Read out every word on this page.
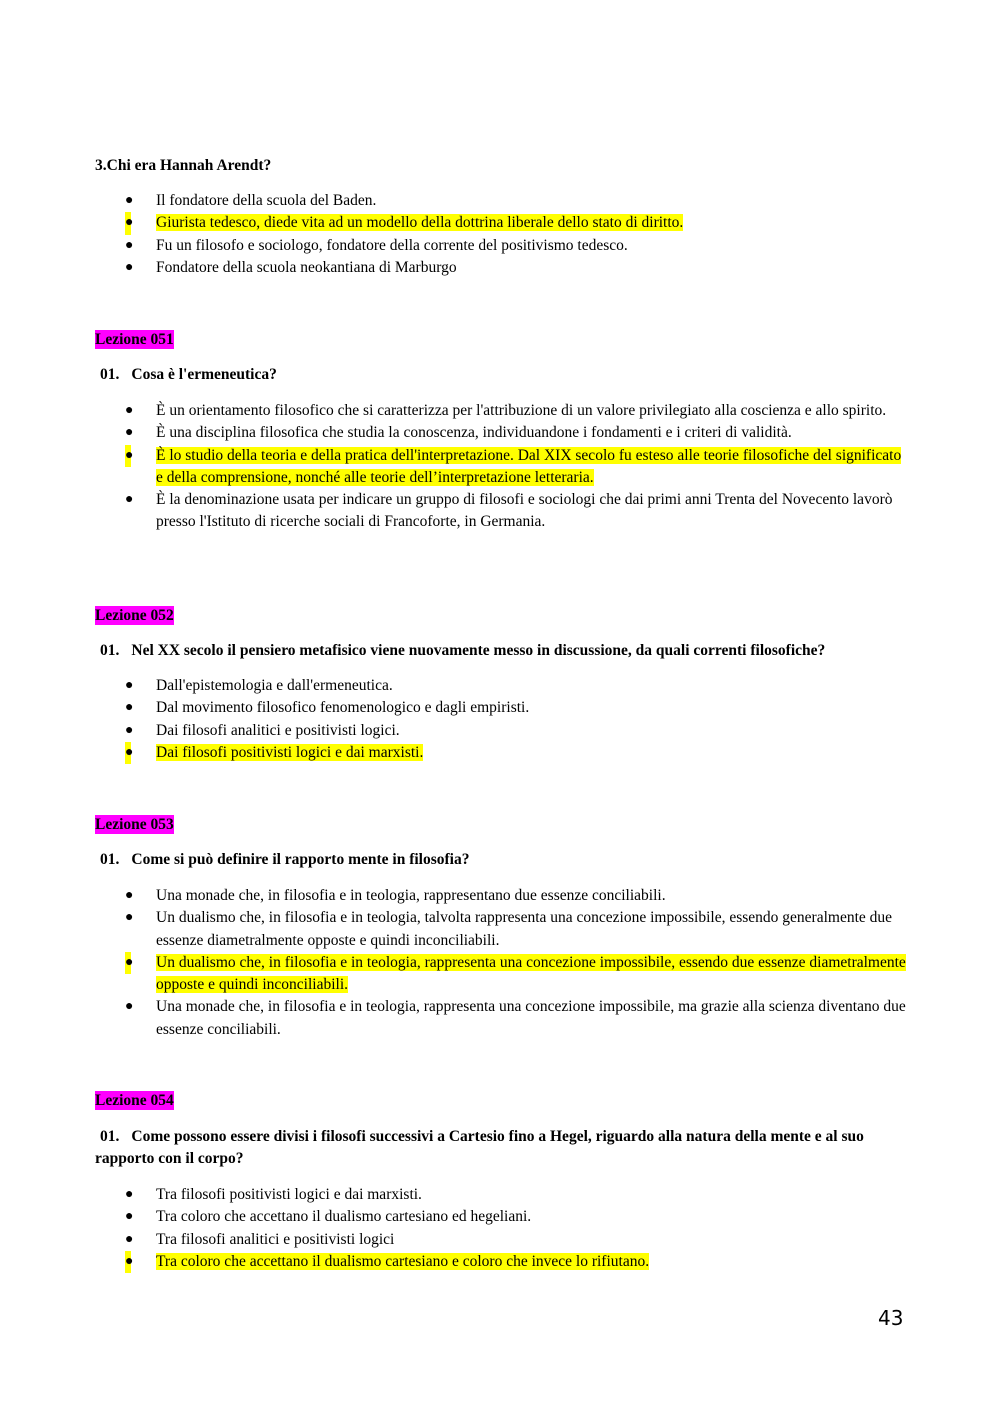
3.Chi era Hannah Arendt?

●	Il fondatore della scuola del Baden.
● Giurista tedesco, diede vita ad un modello della dottrina liberale dello stato di diritto.
●	Fu un filosofo e sociologo, fondatore della corrente del positivismo tedesco.
●	Fondatore della scuola neokantiana di Marburgo
Lezione 051

01. Cosa è l'ermeneutica?

●	È un orientamento filosofico che si caratterizza per l'attribuzione di un valore privilegiato alla coscienza e allo spirito.
●	È una disciplina filosofica che studia la conoscenza, individuandone i fondamenti e i criteri di validità.
● È lo studio della teoria e della pratica dell'interpretazione. Dal XIX secolo fu esteso alle teorie filosofiche del significato e della comprensione, nonché alle teorie dell’interpretazione letteraria.
●	È la denominazione usata per indicare un gruppo di filosofi e sociologi che dai primi anni Trenta del Novecento lavorò presso l'Istituto di ricerche sociali di Francoforte, in Germania.
Lezione 052

01. Nel XX secolo il pensiero metafisico viene nuovamente messo in discussione, da quali correnti filosofiche?

●	Dall'epistemologia e dall'ermeneutica.
●	Dal movimento filosofico fenomenologico e dagli empiristi.
●	Dai filosofi analitici e positivisti logici.
● Dai filosofi positivisti logici e dai marxisti.
Lezione 053

01. Come si può definire il rapporto mente in filosofia?

●	Una monade che, in filosofia e in teologia, rappresentano due essenze conciliabili.
●	Un dualismo che, in filosofia e in teologia, talvolta rappresenta una concezione impossibile, essendo generalmente due essenze diametralmente opposte e quindi inconciliabili.
● Un dualismo che, in filosofia e in teologia, rappresenta una concezione impossibile, essendo due essenze diametralmente opposte e quindi inconciliabili.
●	Una monade che, in filosofia e in teologia, rappresenta una concezione impossibile, ma grazie alla scienza diventano due essenze conciliabili.
Lezione 054

01. Come possono essere divisi i filosofi successivi a Cartesio fino a Hegel, riguardo alla natura della mente e al suo rapporto con il corpo?

●	Tra filosofi positivisti logici e dai marxisti.
●	Tra coloro che accettano il dualismo cartesiano ed hegeliani.
●	Tra filosofi analitici e positivisti logici
● Tra coloro che accettano il dualismo cartesiano e coloro che invece lo rifiutano.
43
